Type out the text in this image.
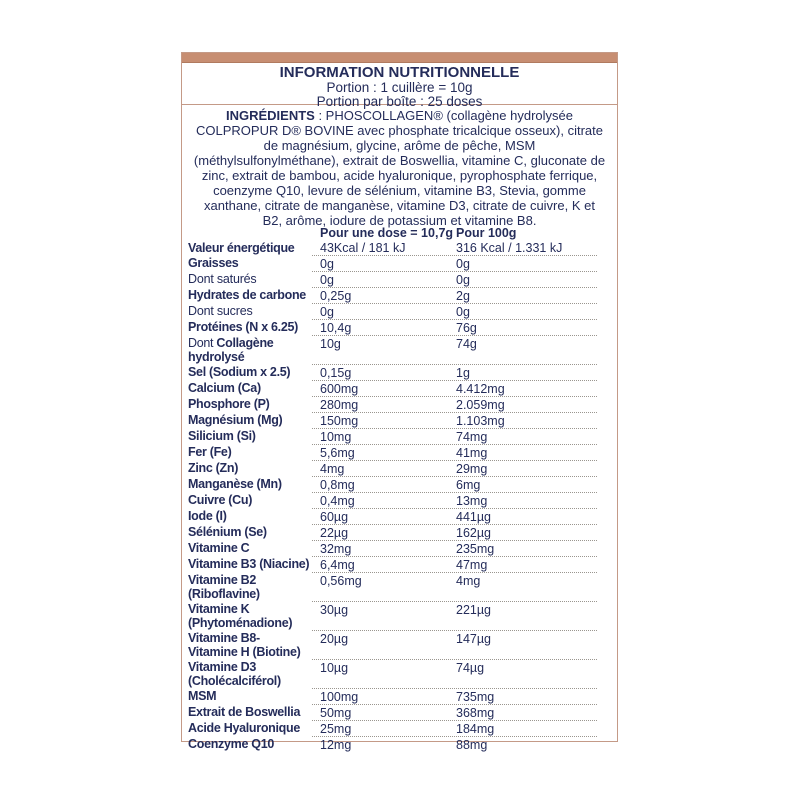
INFORMATION NUTRITIONNELLE
Portion : 1 cuillère = 10g
Portion par boîte : 25 doses
INGRÉDIENTS : PHOSCOLLAGEN® (collagène hydrolysée COLPROPUR D® BOVINE avec phosphate tricalcique osseux), citrate de magnésium, glycine, arôme de pêche, MSM (méthylsulfonylméthane), extrait de Boswellia, vitamine C, gluconate de zinc, extrait de bambou, acide hyaluronique, pyrophosphate ferrique, coenzyme Q10, levure de sélénium, vitamine B3, Stevia, gomme xanthane, citrate de manganèse, vitamine D3, citrate de cuivre, K et B2, arôme, iodure de potassium et vitamine B8.
Pour une dose = 10,7g Pour 100g
Valeur énergétique	43Kcal / 181 kJ	316 Kcal / 1.331 kJ
Graisses	0g	0g
Dont saturés	0g	0g
Hydrates de carbone	0,25g	2g
Dont sucres	0g	0g
Protéines (N x 6.25)	10,4g	76g
Dont Collagène hydrolysé
10g	74g
Sel (Sodium x 2.5)	0,15g	1g
Calcium (Ca)	600mg	4.412mg
Phosphore (P)	280mg	2.059mg
Magnésium (Mg)	150mg	1.103mg
Silicium (Si)	10mg	74mg
Fer (Fe)	5,6mg	41mg
Zinc (Zn)	4mg	29mg
Manganèse (Mn)	0,8mg	6mg
Cuivre (Cu)	0,4mg	13mg
Iode (I)	60µg	441µg
Sélénium (Se)	22µg	162µg
Vitamine C	32mg	235mg
Vitamine B3 (Niacine) 6,4mg	47mg
Vitamine B2 (Riboflavine)
0,56mg	4mg
Vitamine K (Phytoménadione)
30µg	221µg
Vitamine B8- Vitamine H (Biotine)
20µg	147µg
Vitamine D3 (Cholécalciférol)
10µg	74µg
MSM	100mg	735mg
Extrait de Boswellia	50mg	368mg
Acide Hyaluronique	25mg	184mg
Coenzyme Q10	12mg	88mg
